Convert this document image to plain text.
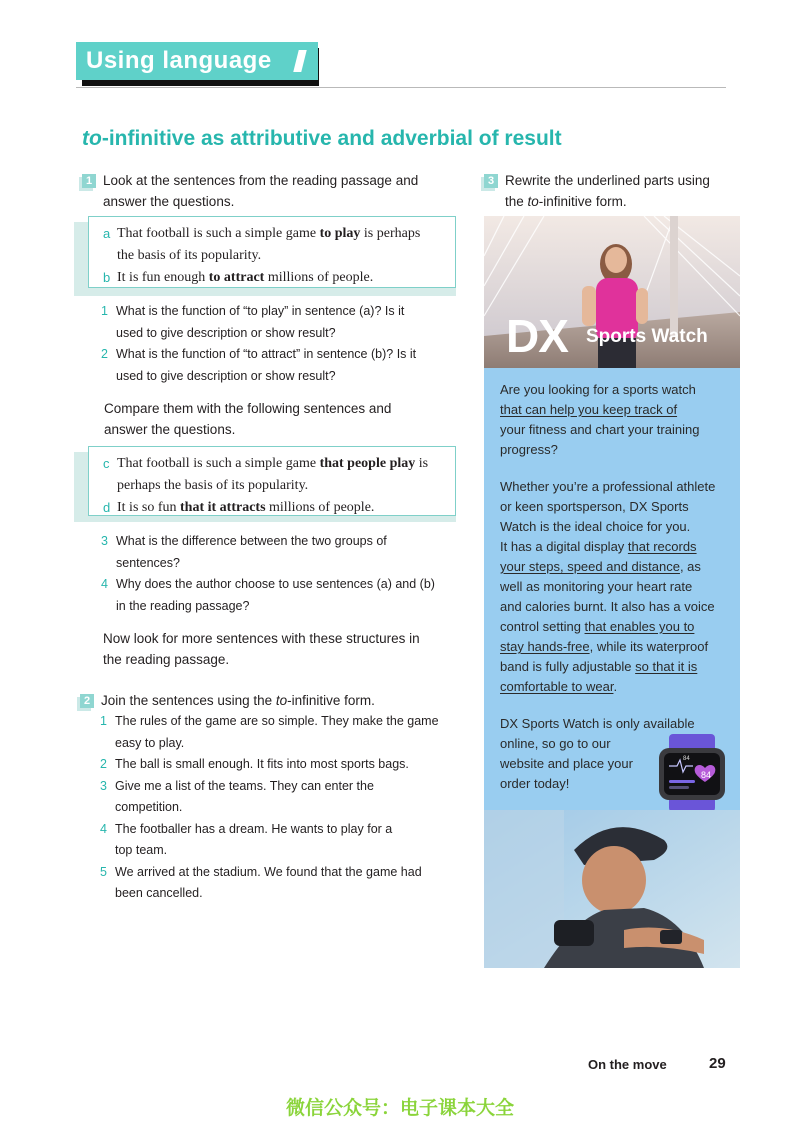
Using language
to-infinitive as attributive and adverbial of result
1 Look at the sentences from the reading passage and
answer the questions.
a That football is such a simple game to play is perhaps
the basis of its popularity.
b It is fun enough to attract millions of people.
1 What is the function of “to play” in sentence (a)? Is it
used to give description or show result?
2 What is the function of “to attract” in sentence (b)? Is it
used to give description or show result?
Compare them with the following sentences and
answer the questions.
c That football is such a simple game that people play is
perhaps the basis of its popularity.
d It is so fun that it attracts millions of people.
3 What is the difference between the two groups of
sentences?
4 Why does the author choose to use sentences (a) and (b)
in the reading passage?
Now look for more sentences with these structures in
the reading passage.
2 Join the sentences using the to-infinitive form.
1 The rules of the game are so simple. They make the game
easy to play.
2 The ball is small enough. It fits into most sports bags.
3 Give me a list of the teams. They can enter the
competition.
4 The footballer has a dream. He wants to play for a
top team.
5 We arrived at the stadium. We found that the game had
been cancelled.
3 Rewrite the underlined parts using
the to-infinitive form.
DX Sports Watch
Are you looking for a sports watch
that can help you keep track of
your fitness and chart your training
progress?
Whether you’re a professional athlete
or keen sportsperson, DX Sports
Watch is the ideal choice for you.
It has a digital display that records
your steps, speed and distance, as
well as monitoring your heart rate
and calories burnt. It also has a voice
control setting that enables you to
stay hands-free, while its waterproof
band is fully adjustable so that it is
comfortable to wear.
DX Sports Watch is only available
online, so go to our
website and place your
order today!
84
84
On the move	29
微信公众号：电子课本大全
